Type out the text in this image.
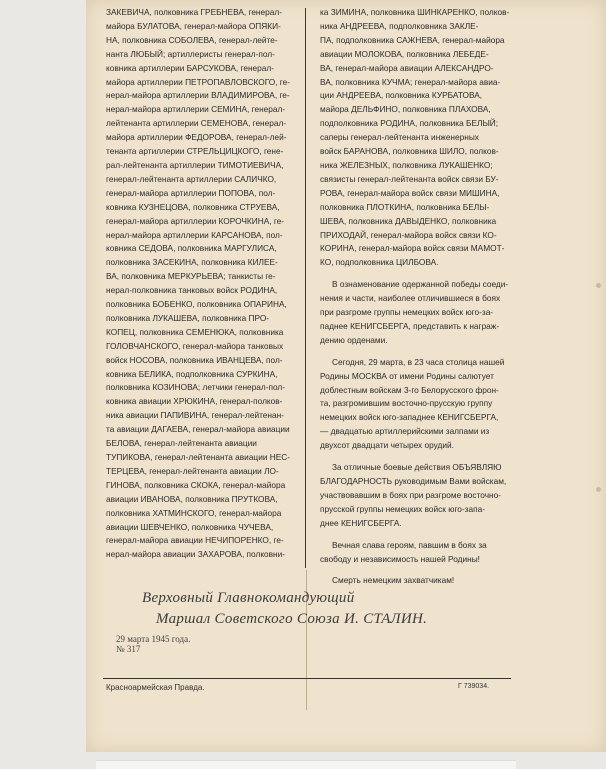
ЗАКЕВИЧА, полковника ГРЕБНЕВА, генерал-
майора БУЛАТОВА, генерал-майора ОПЯКИ-
НА, полковника СОБОЛЕВА, генерал-лейте-
нанта ЛЮБЫЙ; артиллеристы генерал-пол-
ковника артиллерии БАРСУКОВА, генерал-
майора артиллерии ПЕТРОПАВЛОВСКОГО, ге-
нерал-майора артиллерии ВЛАДИМИРОВА, ге-
нерал-майора артиллерии СЕМИНА, генерал-
лейтенанта артиллерии СЕМЕНОВА, генерал-
майора артиллерии ФЕДОРОВА, генерал-лей-
тенанта артиллерии СТРЕЛЬЦИЦКОГО, гене-
рал-лейтенанта артиллерии ТИМОТИЕВИЧА,
генерал-лейтенанта артиллерии САЛИЧКО,
генерал-майора артиллерии ПОПОВА, пол-
ковника КУЗНЕЦОВА, полковника СТРУЕВА,
генерал-майора артиллерии КОРОЧКИНА, ге-
нерал-майора артиллерии КАРСАНОВА, пол-
ковника СЕДОВА, полковника МАРГУЛИСА,
полковника ЗАСЕКИНА, полковника КИЛЕЕ-
ВА, полковника МЕРКУРЬЕВА; танкисты ге-
нерал-полковника танковых войск РОДИНА,
полковника БОБЕНКО, полковника ОПАРИНА,
полковника ЛУКАШЕВА, полковника ПРО-
КОПЕЦ, полковника СЕМЕНЮКА, полковника
ГОЛОВЧАНСКОГО, генерал-майора танковых
войск НОСОВА, полковника ИВАНЦЕВА, пол-
ковника БЕЛИКА, подполковника СУРКИНА,
полковника КОЗИНОВА; летчики генерал-пол-
ковника авиации ХРЮКИНА, генерал-полков-
ника авиации ПАПИВИНА, генерал-лейтенан-
та авиации ДАГАЕВА, генерал-майора авиации
БЕЛОВА, генерал-лейтенанта авиации
ТУПИКОВА, генерал-лейтенанта авиации НЕС-
ТЕРЦЕВА, генерал-лейтенанта авиации ЛО-
ГИНОВА, полковника СКОКА, генерал-майора
авиации ИВАНОВА, полковника ПРУТКОВА,
полковника ХАТМИНСКОГО, генерал-майора
авиации ШЕВЧЕНКО, полковника ЧУЧЕВА,
генерал-майора авиации НЕЧИПОРЕНКО, ге-
нерал-майора авиации ЗАХАРОВА, полковни-
ка ЗИМИНА, полковника ШИНКАРЕНКО, полков-
ника АНДРЕЕВА, подполковника ЗАКЛЕ-
ПА, подполковника САЖНЕВА, генерал-майора
авиации МОЛОКОВА, полковника ЛЕБЕДЕ-
ВА, генерал-майора авиации АЛЕКСАНДРО-
ВА, полковника КУЧМА; генерал-майора авиа-
ции АНДРЕЕВА, полковника КУРБАТОВА,
майора ДЕЛЬФИНО, полковника ПЛАХОВА,
подполковника РОДИНА, полковника БЕЛЫЙ;
саперы генерал-лейтенанта инженерных
войск БАРАНОВА, полковника ШИЛО, полков-
ника ЖЕЛЕЗНЫХ, полковника ЛУКАШЕНКО;
связисты генерал-лейтенанта войск связи БУ-
РОВА, генерал-майора войск связи МИШИНА,
полковника ПЛОТКИНА, полковника БЕЛЫ-
ШЕВА, полковника ДАВЫДЕНКО, полковника
ПРИХОДАЙ, генерал-майора войск связи КО-
КОРИНА, генерал-майора войск связи МАМОТ-
КО, подполковника ЦИЛБОВА.
В ознаменование одержанной победы соеди-
нения и части, наиболее отличившиеся в боях
при разгроме группы немецких войск юго-за-
паднее КЕНИГСБЕРГА, представить к награж-
дению орденами.
Сегодня, 29 марта, в 23 часа столица нашей
Родины МОСКВА от имени Родины салютует
доблестным войскам 3-го Белорусского фрон-
та, разгромившим восточно-прусскую группу
немецких войск юго-западнее КЕНИГСБЕРГА,
— двадцатью артиллерийскими залпами из
двухсот двадцати четырех орудий.
За отличные боевые действия ОБЪЯВЛЯЮ
БЛАГОДАРНОСТЬ руководимым Вами войскам,
участвовавшим в боях при разгроме восточно-
прусской группы немецких войск юго-запа-
днее КЕНИГСБЕРГА.
Вечная слава героям, павшим в боях за
свободу и независимость нашей Родины!
Смерть немецким захватчикам!
Верховный Главнокомандующий
Маршал Советского Союза И. СТАЛИН.
29 марта 1945 года.
№ 317
Красноармейская Правда.	Г 739034.
